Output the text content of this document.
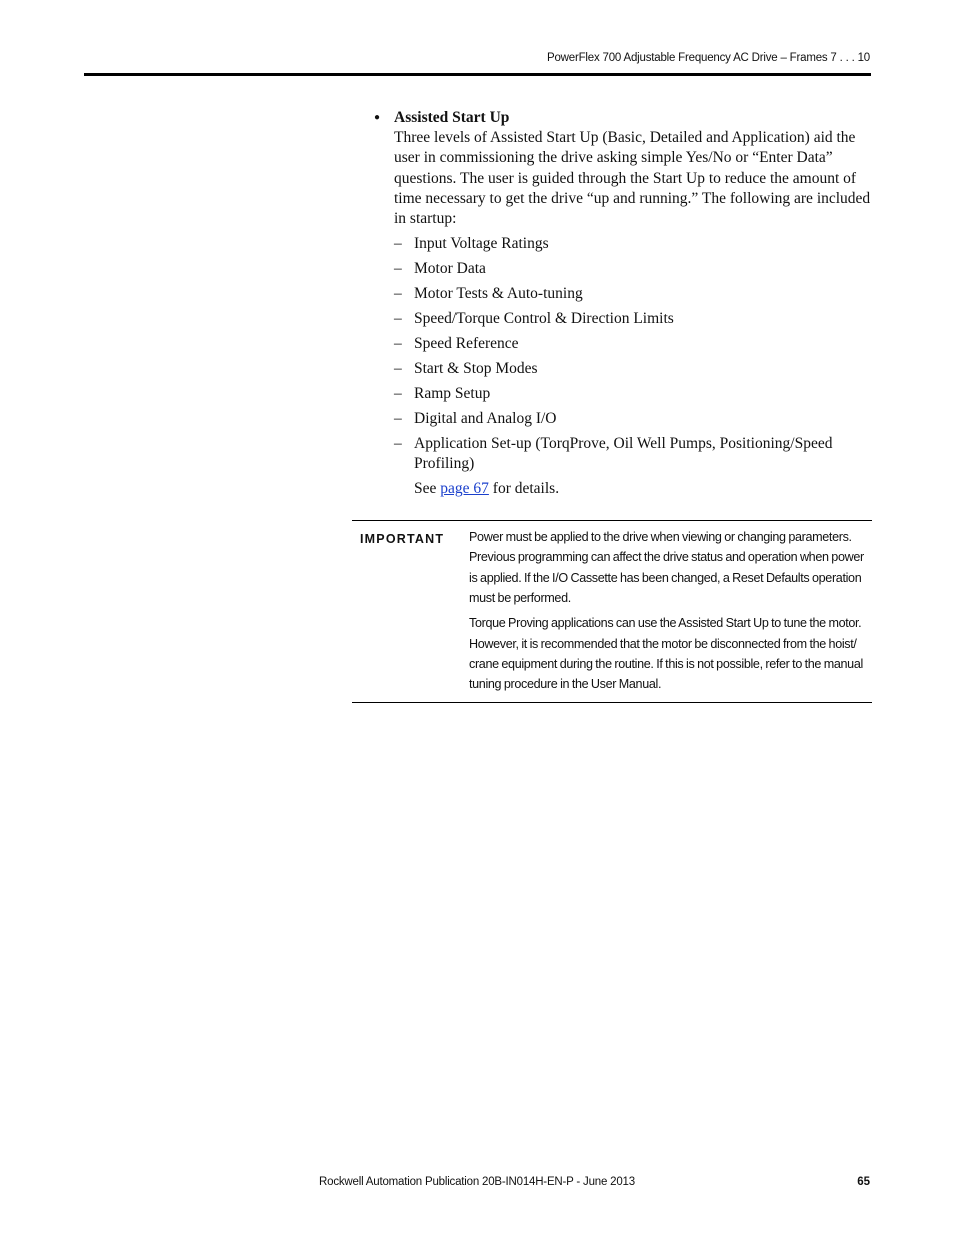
PowerFlex 700 Adjustable Frequency AC Drive – Frames 7 . . . 10
● Assisted Start Up
Three levels of Assisted Start Up (Basic, Detailed and Application) aid the user in commissioning the drive asking simple Yes/No or “Enter Data” questions. The user is guided through the Start Up to reduce the amount of time necessary to get the drive “up and running.” The following are included in startup:
– Input Voltage Ratings
– Motor Data
– Motor Tests & Auto-tuning
– Speed/Torque Control & Direction Limits
– Speed Reference
– Start & Stop Modes
– Ramp Setup
– Digital and Analog I/O
– Application Set-up (TorqProve, Oil Well Pumps, Positioning/Speed Profiling)
See page 67 for details.
IMPORTANT	Power must be applied to the drive when viewing or changing parameters. Previous programming can affect the drive status and operation when power is applied. If the I/O Cassette has been changed, a Reset Defaults operation must be performed.

Torque Proving applications can use the Assisted Start Up to tune the motor. However, it is recommended that the motor be disconnected from the hoist/ crane equipment during the routine. If this is not possible, refer to the manual tuning procedure in the User Manual.

Rockwell Automation Publication 20B-IN014H-EN-P - June 2013	65
